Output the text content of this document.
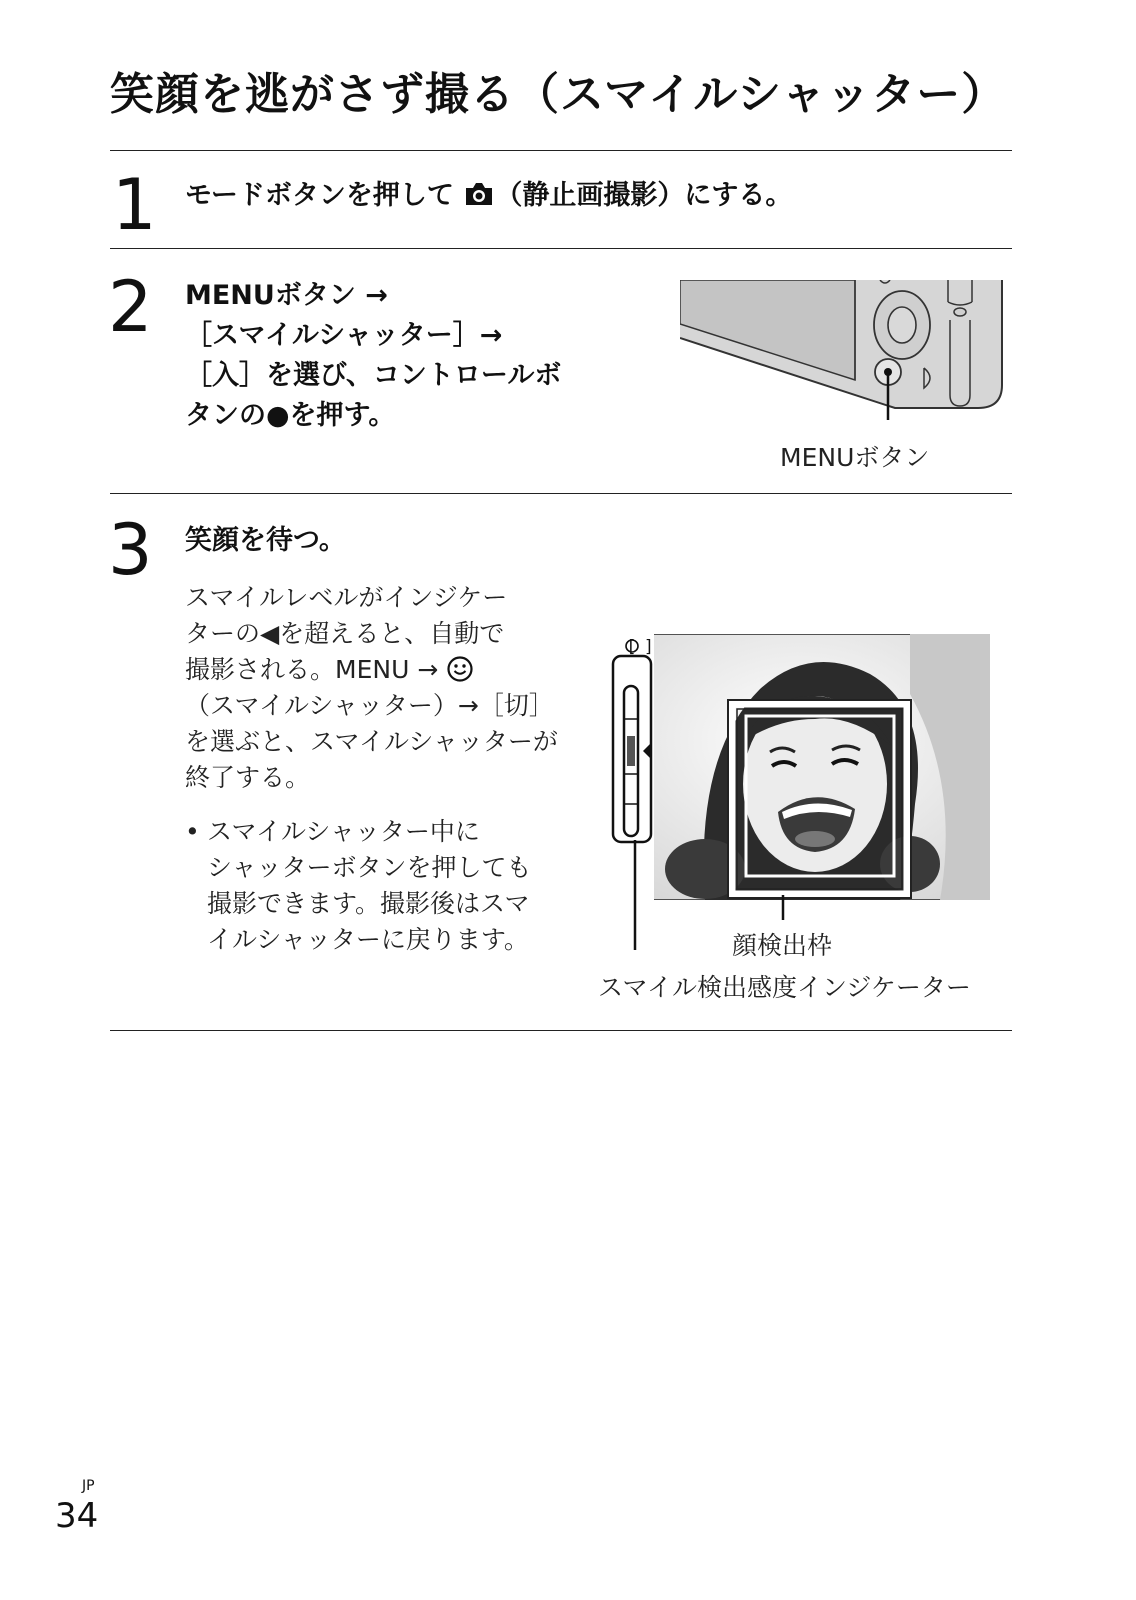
笑顔を逃がさず撮る（スマイルシャッター）
1 モードボタンを押して （静止画撮影）にする。
2 MENUボタン →
［スマイルシャッター］→
［入］を選び、コントロールボ
タンの●を押す。
MENUボタン
3 笑顔を待つ。
スマイルレベルがインジケー
ターの◀を超えると、自動で
撮影される。MENU →
（スマイルシャッター）→［切］
を選ぶと、スマイルシャッターが
終了する。
• スマイルシャッター中に
シャッターボタンを押しても
撮影できます。撮影後はスマ
イルシャッターに戻ります。
[ ]
顔検出枠
スマイル検出感度インジケーター
JP
34
